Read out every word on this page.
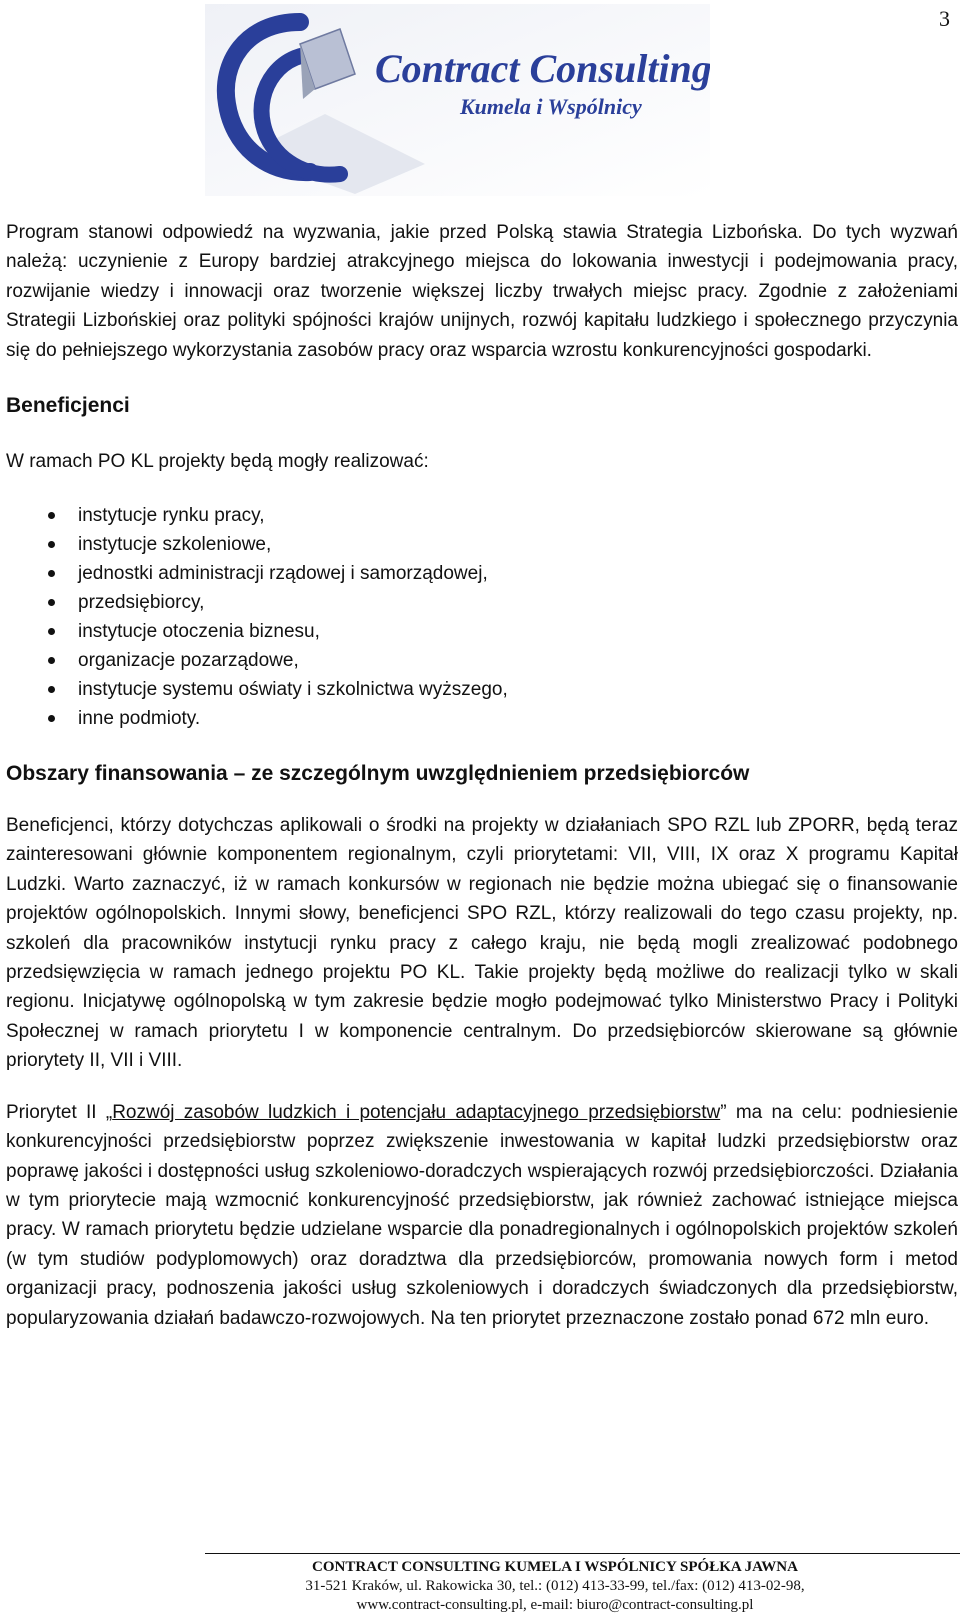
3
Contract Consulting
Kumela i Wspólnicy

Program stanowi odpowiedź na wyzwania, jakie przed Polską stawia Strategia Lizbońska. Do tych wyzwań należą: uczynienie z Europy bardziej atrakcyjnego miejsca do lokowania inwestycji i podejmowania pracy, rozwijanie wiedzy i innowacji oraz tworzenie większej liczby trwałych miejsc pracy. Zgodnie z założeniami Strategii Lizbońskiej oraz polityki spójności krajów unijnych, rozwój kapitału ludzkiego i społecznego przyczynia się do pełniejszego wykorzystania zasobów pracy oraz wsparcia wzrostu konkurencyjności gospodarki.

Beneficjenci

W ramach PO KL projekty będą mogły realizować:

instytucje rynku pracy,
instytucje szkoleniowe,
jednostki administracji rządowej i samorządowej,
przedsiębiorcy,
instytucje otoczenia biznesu,
organizacje pozarządowe,
instytucje systemu oświaty i szkolnictwa wyższego,
inne podmioty.
Obszary finansowania – ze szczególnym uwzględnieniem przedsiębiorców

Beneficjenci, którzy dotychczas aplikowali o środki na projekty w działaniach SPO RZL lub ZPORR, będą teraz zainteresowani głównie komponentem regionalnym, czyli priorytetami: VII, VIII, IX oraz X programu Kapitał Ludzki. Warto zaznaczyć, iż w ramach konkursów w regionach nie będzie można ubiegać się o finansowanie projektów ogólnopolskich. Innymi słowy, beneficjenci SPO RZL, którzy realizowali do tego czasu projekty, np. szkoleń dla pracowników instytucji rynku pracy z całego kraju, nie będą mogli zrealizować podobnego przedsięwzięcia w ramach jednego projektu PO KL. Takie projekty będą możliwe do realizacji tylko w skali regionu. Inicjatywę ogólnopolską w tym zakresie będzie mogło podejmować tylko Ministerstwo Pracy i Polityki Społecznej w ramach priorytetu I w komponencie centralnym. Do przedsiębiorców skierowane są głównie priorytety II, VII i VIII.

Priorytet II „Rozwój zasobów ludzkich i potencjału adaptacyjnego przedsiębiorstw” ma na celu: podniesienie konkurencyjności przedsiębiorstw poprzez zwiększenie inwestowania w kapitał ludzki przedsiębiorstw oraz poprawę jakości i dostępności usług szkoleniowo-doradczych wspierających rozwój przedsiębiorczości. Działania w tym priorytecie mają wzmocnić konkurencyjność przedsiębiorstw, jak również zachować istniejące miejsca pracy. W ramach priorytetu będzie udzielane wsparcie dla ponadregionalnych i ogólnopolskich projektów szkoleń (w tym studiów podyplomowych) oraz doradztwa dla przedsiębiorców, promowania nowych form i metod organizacji pracy, podnoszenia jakości usług szkoleniowych i doradczych świadczonych dla przedsiębiorstw, popularyzowania działań badawczo-rozwojowych. Na ten priorytet przeznaczone zostało ponad 672 mln euro.

CONTRACT CONSULTING KUMELA I WSPÓLNICY SPÓŁKA JAWNA
31-521 Kraków, ul. Rakowicka 30, tel.: (012) 413-33-99, tel./fax: (012) 413-02-98,
www.contract-consulting.pl, e-mail: biuro@contract-consulting.pl
